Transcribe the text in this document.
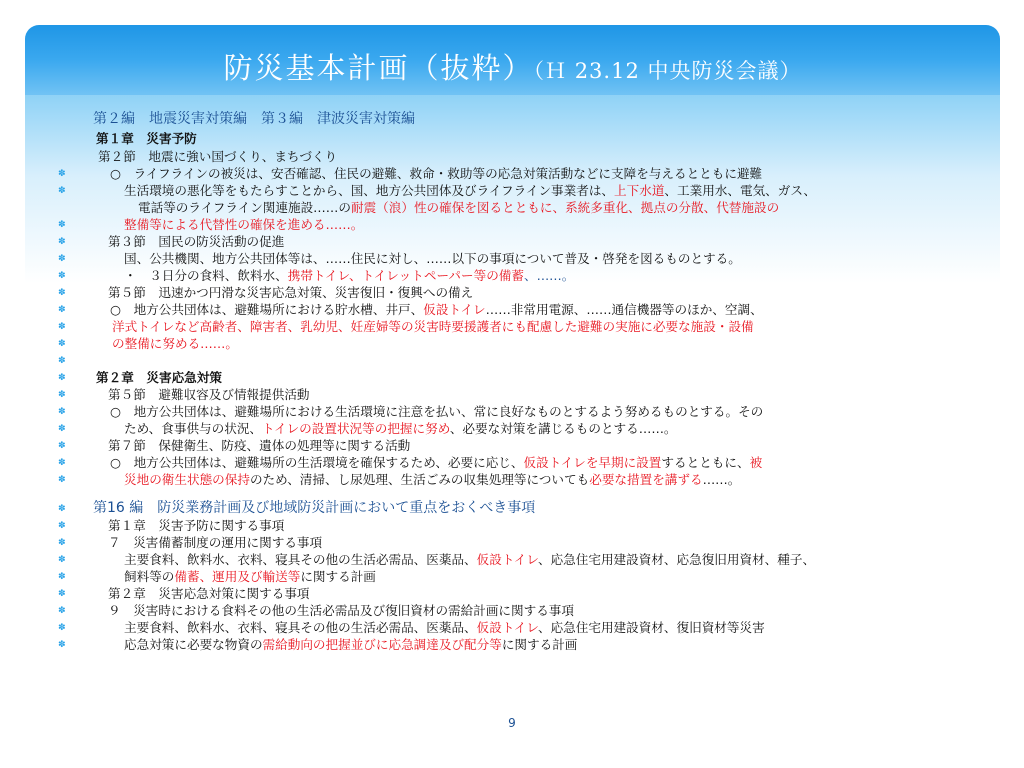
防災基本計画（抜粋）（Ｈ 23.12 中央防災会議）
第２編　地震災害対策編　第３編　津波災害対策編
第１章　災害予防
第２節　地震に強い国づくり、まちづくり
○　ライフラインの被災は、安否確認、住民の避難、救命・救助等の応急対策活動などに支障を与えるとともに避難
✽
生活環境の悪化等をもたらすことから、国、地方公共団体及びライフライン事業者は、上下水道、工業用水、電気、ガス、
✽
電話等のライフライン関連施設……の耐震（浪）性の確保を図るとともに、系統多重化、拠点の分散、代替施設の
整備等による代替性の確保を進める……。
✽
第３節　国民の防災活動の促進
✽
国、公共機関、地方公共団体等は、……住民に対し、……以下の事項について普及・啓発を図るものとする。
✽
・　３日分の食料、飲料水、携帯トイレ、トイレットペーパー等の備蓄、……。
✽
第５節　迅速かつ円滑な災害応急対策、災害復旧・復興への備え
✽
○　地方公共団体は、避難場所における貯水槽、井戸、仮設トイレ……非常用電源、……通信機器等のほか、空調、
✽
洋式トイレなど高齢者、障害者、乳幼児、妊産婦等の災害時要援護者にも配慮した避難の実施に必要な施設・設備
✽
の整備に努める……。
✽
✽
第２章　災害応急対策
✽
第５節　避難収容及び情報提供活動
✽
○　地方公共団体は、避難場所における生活環境に注意を払い、常に良好なものとするよう努めるものとする。その
✽
ため、食事供与の状況、トイレの設置状況等の把握に努め、必要な対策を講じるものとする……。
✽
第７節　保健衛生、防疫、遺体の処理等に関する活動
✽
○　地方公共団体は、避難場所の生活環境を確保するため、必要に応じ、仮設トイレを早期に設置するとともに、被
✽
災地の衛生状態の保持のため、清掃、し尿処理、生活ごみの収集処理等についても必要な措置を講ずる……。
✽
第16 編　防災業務計画及び地域防災計画において重点をおくべき事項
✽
第１章　災害予防に関する事項
✽
７　災害備蓄制度の運用に関する事項
✽
主要食料、飲料水、衣料、寝具その他の生活必需品、医薬品、仮設トイレ、応急住宅用建設資材、応急復旧用資材、種子、
✽
飼料等の備蓄、運用及び輸送等に関する計画
✽
第２章　災害応急対策に関する事項
✽
９　災害時における食料その他の生活必需品及び復旧資材の需給計画に関する事項
✽
主要食料、飲料水、衣料、寝具その他の生活必需品、医薬品、仮設トイレ、応急住宅用建設資材、復旧資材等災害
✽
応急対策に必要な物資の需給動向の把握並びに応急調達及び配分等に関する計画
✽
9
